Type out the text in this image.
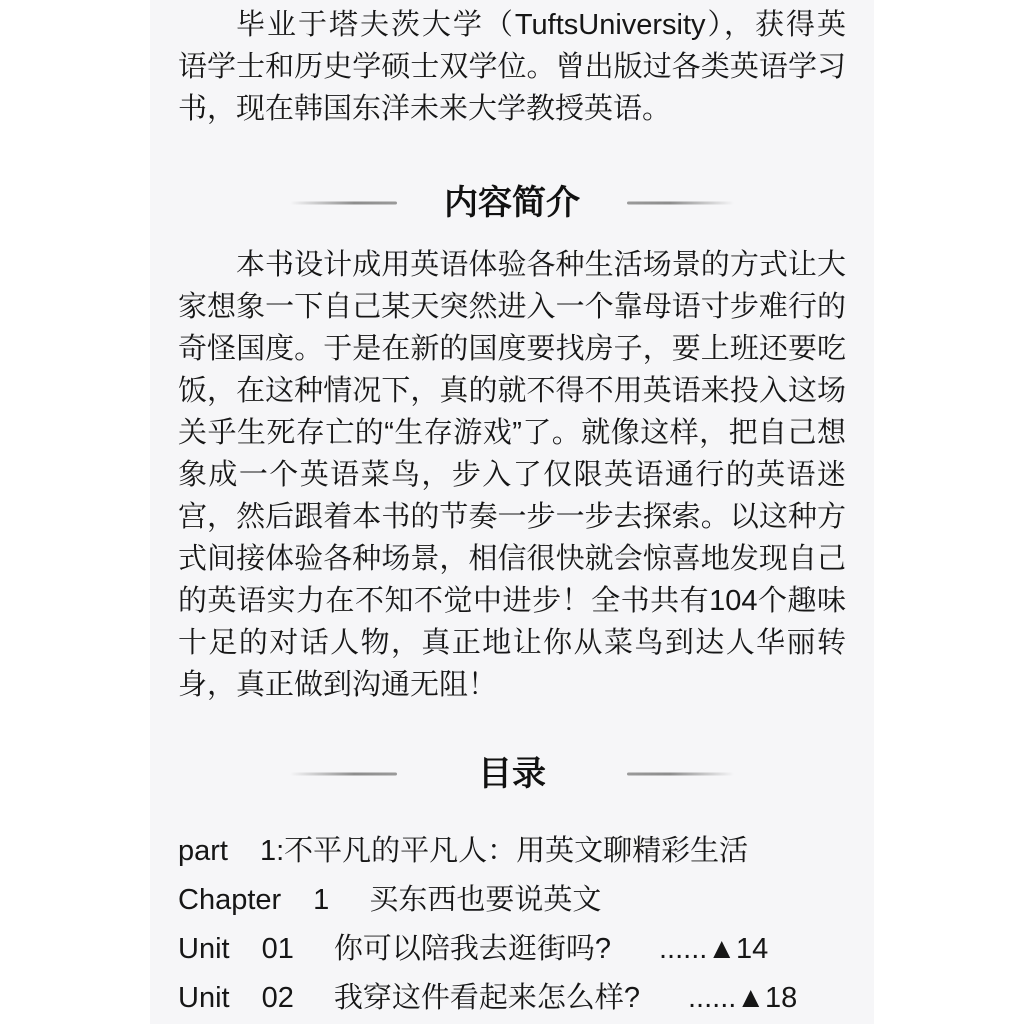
毕业于塔夫茨大学（TuftsUniversity），获得英语学士和历史学硕士双学位。曾出版过各类英语学习书，现在韩国东洋未来大学教授英语。

内容简介

本书设计成用英语体验各种生活场景的方式让大家想象一下自己某天突然进入一个靠母语寸步难行的奇怪国度。于是在新的国度要找房子，要上班还要吃饭，在这种情况下，真的就不得不用英语来投入这场关乎生死存亡的“生存游戏”了。就像这样，把自己想象成一个英语菜鸟，步入了仅限英语通行的英语迷宫，然后跟着本书的节奏一步一步去探索。以这种方式间接体验各种场景，相信很快就会惊喜地发现自己的英语实力在不知不觉中进步！全书共有104个趣味十足的对话人物，真正地让你从菜鸟到达人华丽转身，真正做到沟通无阻！

目录
part 1: 不平凡的平凡人：用英文聊精彩生活
Chapter 1 买东西也要说英文
Unit 01 你可以陪我去逛街吗? ......▲14
Unit 02 我穿这件看起来怎么样? ......▲18
